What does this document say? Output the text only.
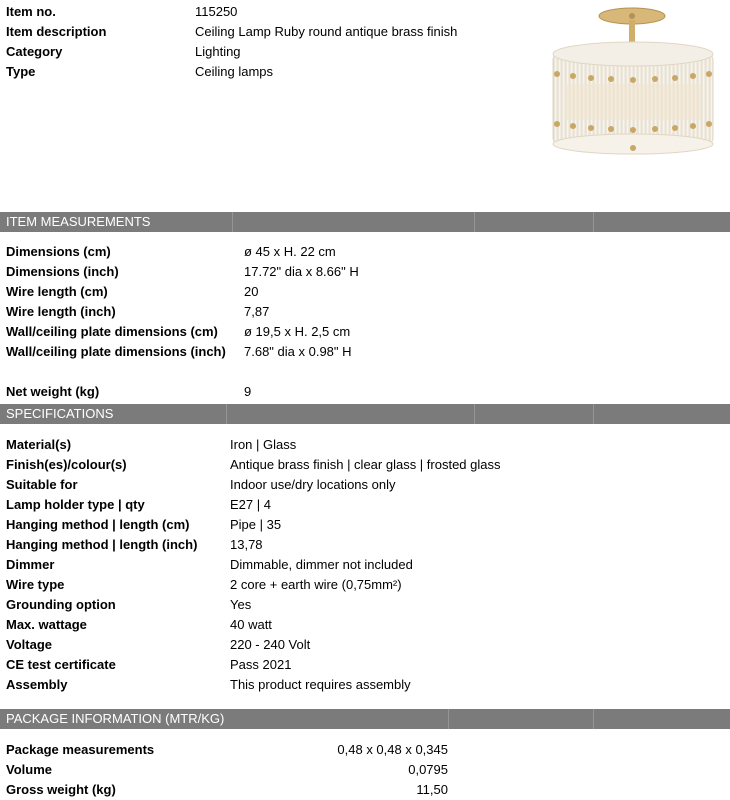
Item no.	115250
Item description	Ceiling Lamp Ruby round antique brass finish
Category	Lighting
Type	Ceiling lamps
ITEM MEASUREMENTS
Dimensions (cm)	ø 45 x H. 22 cm
Dimensions (inch)	17.72" dia x 8.66" H
Wire length (cm)	20
Wire length (inch)	7,87
Wall/ceiling plate dimensions (cm) ø 19,5 x H. 2,5 cm
Wall/ceiling plate dimensions (inch) 7.68" dia x 0.98" H
Net weight (kg)	9
SPECIFICATIONS
Material(s)	Iron | Glass
Finish(es)/colour(s)	Antique brass finish | clear glass | frosted glass
Suitable for	Indoor use/dry locations only
Lamp holder type | qty	E27 | 4
Hanging method | length (cm)	Pipe | 35
Hanging method | length (inch)	13,78
Dimmer	Dimmable, dimmer not included
Wire type	2 core + earth wire (0,75mm²)
Grounding option	Yes
Max. wattage	40 watt
Voltage	220 - 240 Volt
CE test certificate	Pass 2021
Assembly	This product requires assembly
PACKAGE INFORMATION (MTR/KG)
Package measurements	0,48 x 0,48 x 0,345
Volume	0,0795
Gross weight (kg)	11,50
